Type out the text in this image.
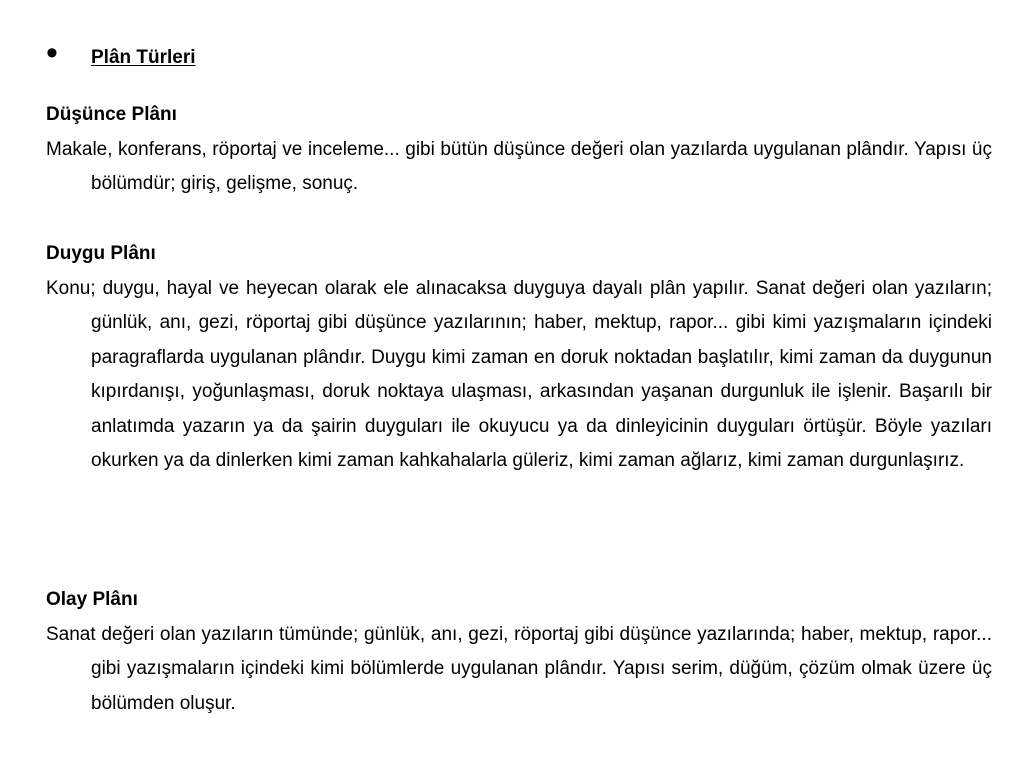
•	Plân Türleri
Düşünce Plânı

Makale, konferans, röportaj ve inceleme... gibi bütün düşünce değeri olan yazılarda uygulanan plândır. Yapısı üç bölümdür; giriş, gelişme, sonuç.

Duygu Plânı

Konu; duygu, hayal ve heyecan olarak ele alınacaksa duyguya dayalı plân yapılır. Sanat değeri olan yazıların; günlük, anı, gezi, röportaj gibi düşünce yazılarının; haber, mektup, rapor... gibi kimi yazışmaların içindeki paragraflarda uygulanan plândır. Duygu kimi zaman en doruk noktadan başlatılır, kimi zaman da duygunun kıpırdanışı, yoğunlaşması, doruk noktaya ulaşması, arkasından yaşanan durgunluk ile işlenir. Başarılı bir anlatımda yazarın ya da şairin duyguları ile okuyucu ya da dinleyicinin duyguları örtüşür. Böyle yazıları okurken ya da dinlerken kimi zaman kahkahalarla güleriz, kimi zaman ağlarız, kimi zaman durgunlaşırız.

Olay Plânı

Sanat değeri olan yazıların tümünde; günlük, anı, gezi, röportaj gibi düşünce yazılarında; haber, mektup, rapor... gibi yazışmaların içindeki kimi bölümlerde uygulanan plândır. Yapısı serim, düğüm, çözüm olmak üzere üç bölümden oluşur.
